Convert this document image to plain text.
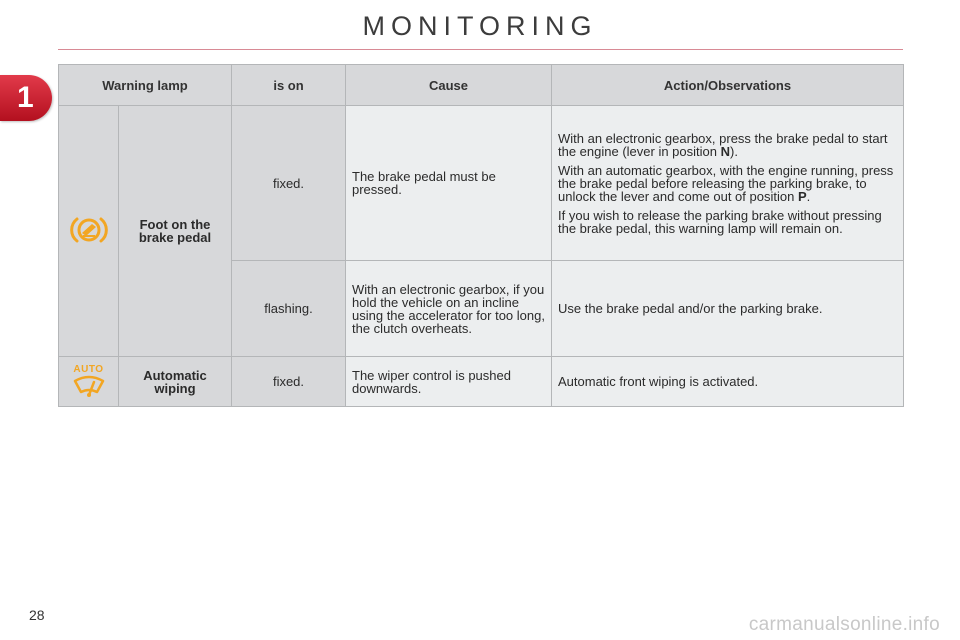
MONITORING
1	Warning lamp		is on	Cause	Action/Observations
	Foot on the brake pedal	fixed.	The brake pedal must be pressed.	With an electronic gearbox, press the brake pedal to start the engine (lever in position N).

With an automatic gearbox, with the engine running, press the brake pedal before releasing the parking brake, to unlock the lever and come out of position P.

If you wish to release the parking brake without pressing the brake pedal, this warning lamp will remain on.

		flashing.	With an electronic gearbox, if you hold the vehicle on an incline using the accelerator for too long, the clutch overheats.	Use the brake pedal and/or the parking brake.

AUTO	Automatic wiping	fixed.	The wiper control is pushed downwards.	Automatic front wiping is activated.
28	carmanualsonline.info
